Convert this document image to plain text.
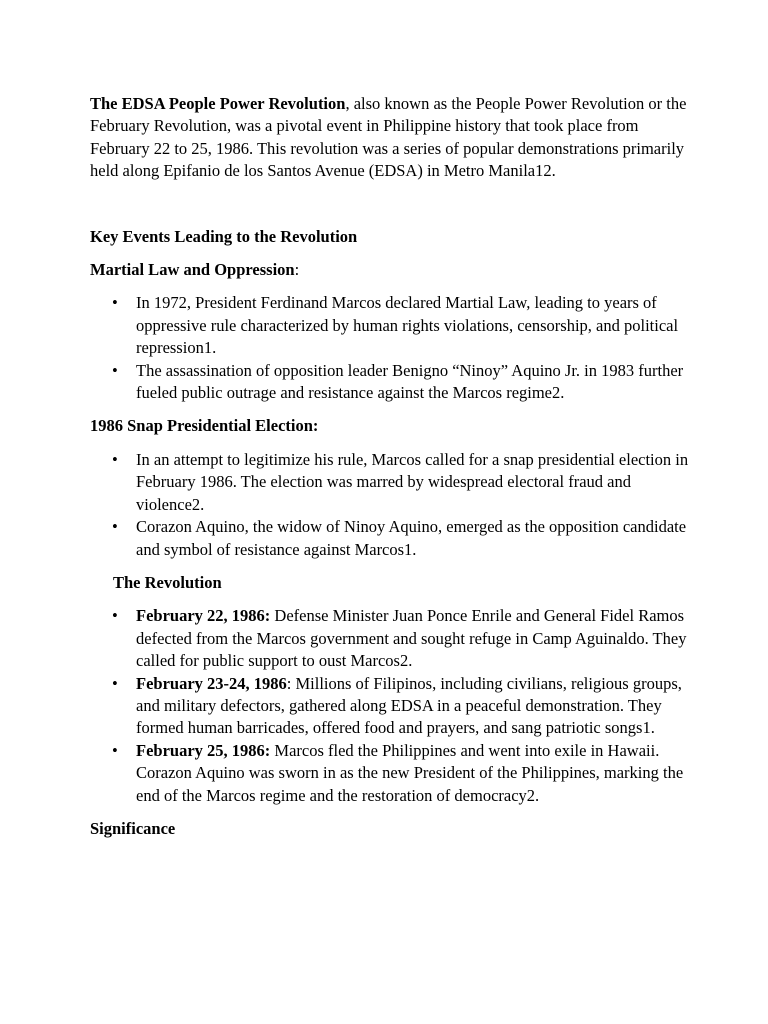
The EDSA People Power Revolution, also known as the People Power Revolution or the February Revolution, was a pivotal event in Philippine history that took place from February 22 to 25, 1986. This revolution was a series of popular demonstrations primarily held along Epifanio de los Santos Avenue (EDSA) in Metro Manila12.

Key Events Leading to the Revolution

Martial Law and Oppression:

• In 1972, President Ferdinand Marcos declared Martial Law, leading to years of oppressive rule characterized by human rights violations, censorship, and political repression1.
• The assassination of opposition leader Benigno “Ninoy” Aquino Jr. in 1983 further fueled public outrage and resistance against the Marcos regime2.

1986 Snap Presidential Election:

• In an attempt to legitimize his rule, Marcos called for a snap presidential election in February 1986. The election was marred by widespread electoral fraud and violence2.
• Corazon Aquino, the widow of Ninoy Aquino, emerged as the opposition candidate and symbol of resistance against Marcos1.

The Revolution

• February 22, 1986: Defense Minister Juan Ponce Enrile and General Fidel Ramos defected from the Marcos government and sought refuge in Camp Aguinaldo. They called for public support to oust Marcos2.
• February 23-24, 1986: Millions of Filipinos, including civilians, religious groups, and military defectors, gathered along EDSA in a peaceful demonstration. They formed human barricades, offered food and prayers, and sang patriotic songs1.
• February 25, 1986: Marcos fled the Philippines and went into exile in Hawaii. Corazon Aquino was sworn in as the new President of the Philippines, marking the end of the Marcos regime and the restoration of democracy2.

Significance
